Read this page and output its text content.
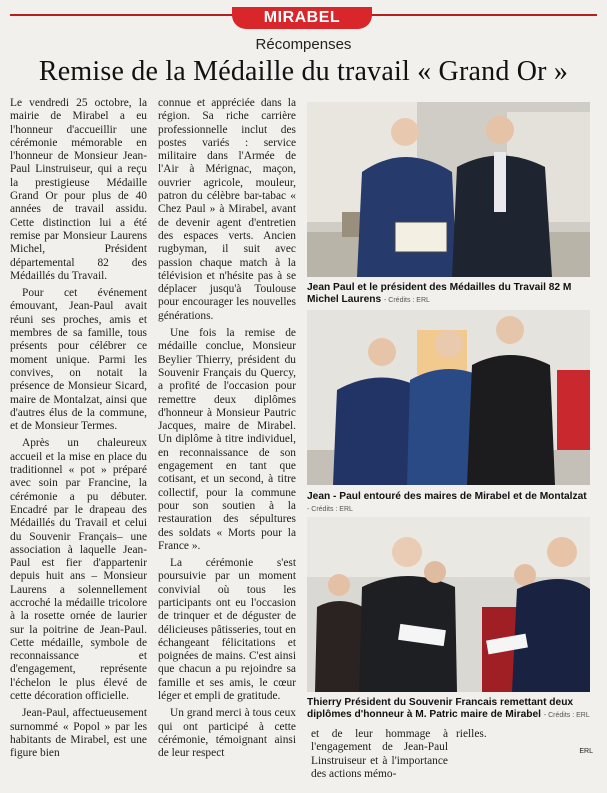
MIRABEL
Récompenses
Remise de la Médaille du travail « Grand Or »

Le vendredi 25 octobre, la mairie de Mirabel a eu l'honneur d'accueillir une cérémonie mémorable en l'honneur de Monsieur Jean-Paul Linstruiseur, qui a reçu la prestigieuse Médaille Grand Or pour plus de 40 années de travail assidu. Cette distinction lui a été remise par Monsieur Laurens Michel, Président départemental 82 des Médaillés du Travail.

Pour cet événement émouvant, Jean-Paul avait réuni ses proches, amis et membres de sa famille, tous présents pour célébrer ce moment unique. Parmi les convives, on notait la présence de Monsieur Sicard, maire de Montalzat, ainsi que d'autres élus de la commune, et de Monsieur Termes.

Après un chaleureux accueil et la mise en place du traditionnel « pot » préparé avec soin par Francine, la cérémonie a pu débuter. Encadré par le drapeau des Médaillés du Travail et celui du Souvenir Français– une association à laquelle Jean-Paul est fier d'appartenir depuis huit ans – Monsieur Laurens a solennellement accroché la médaille tricolore à la rosette ornée de laurier sur la poitrine de Jean-Paul. Cette médaille, symbole de reconnaissance et d'engagement, représente l'échelon le plus élevé de cette décoration officielle.

Jean-Paul, affectueusement surnommé « Popol » par les habitants de Mirabel, est une figure bien

connue et appréciée dans la région. Sa riche carrière professionnelle inclut des postes variés : service militaire dans l'Armée de l'Air à Mérignac, maçon, ouvrier agricole, mouleur, patron du célèbre bar-tabac « Chez Paul » à Mirabel, avant de devenir agent d'entretien des espaces verts. Ancien rugbyman, il suit avec passion chaque match à la télévision et n'hésite pas à se déplacer jusqu'à Toulouse pour encourager les nouvelles générations.

Une fois la remise de médaille conclue, Monsieur Beylier Thierry, président du Souvenir Français du Quercy, a profité de l'occasion pour remettre deux diplômes d'honneur à Monsieur Pautric Jacques, maire de Mirabel. Un diplôme à titre individuel, en reconnaissance de son engagement en tant que cotisant, et un second, à titre collectif, pour la commune pour son soutien à la restauration des sépultures des soldats « Morts pour la France ».

La cérémonie s'est poursuivie par un moment convivial où tous les participants ont eu l'occasion de trinquer et de déguster de délicieuses pâtisseries, tout en échangeant félicitations et poignées de mains. C'est ainsi que chacun a pu rejoindre sa famille et ses amis, le cœur léger et empli de gratitude.

Un grand merci à tous ceux qui ont participé à cette cérémonie, témoignant ainsi de leur respect

Jean Paul et le président des Médailles du Travail 82 M Michel Laurens - Crédits : ERL
Jean - Paul entouré des maires de Mirabel et de Montalzat
- Crédits : ERL
Thierry Président du Souvenir Francais remettant deux diplômes d'honneur à M. Patric maire de Mirabel - Crédits : ERL

et de leur hommage à l'engagement de Jean-Paul Linstruiseur et à l'importance des actions mémo-

rielles.

ERL
